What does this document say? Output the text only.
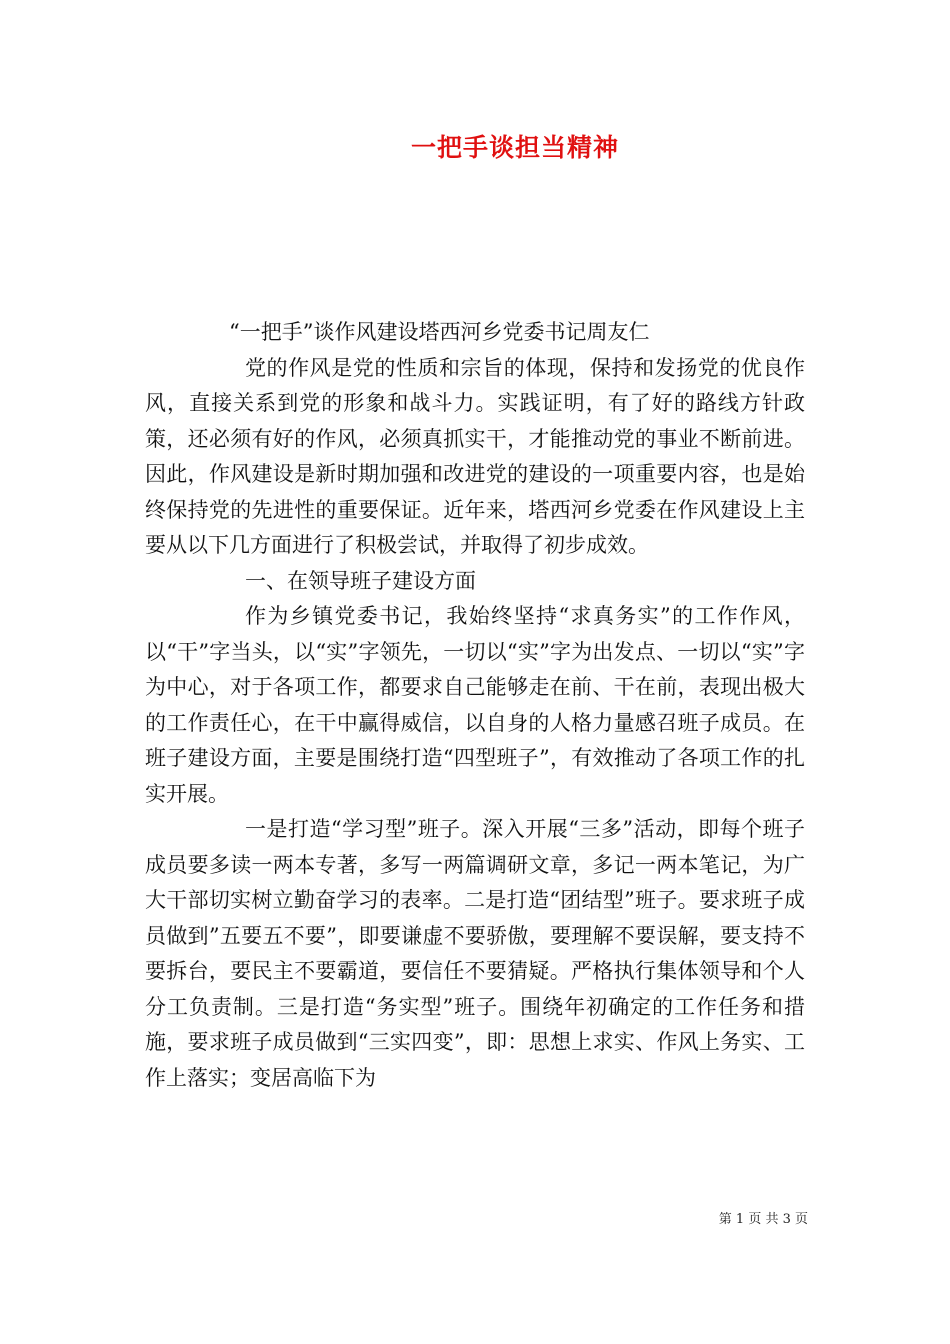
一把手谈担当精神

“一把手”谈作风建设塔西河乡党委书记周友仁

党的作风是党的性质和宗旨的体现，保持和发扬党的优良作风，直接关系到党的形象和战斗力。实践证明，有了好的路线方针政策，还必须有好的作风，必须真抓实干，才能推动党的事业不断前进。因此，作风建设是新时期加强和改进党的建设的一项重要内容，也是始终保持党的先进性的重要保证。近年来，塔西河乡党委在作风建设上主要从以下几方面进行了积极尝试，并取得了初步成效。

一、在领导班子建设方面

作为乡镇党委书记，我始终坚持“求真务实”的工作作风，以“干”字当头，以“实”字领先，一切以“实”字为出发点、一切以“实”字为中心，对于各项工作，都要求自己能够走在前、干在前，表现出极大的工作责任心，在干中赢得威信，以自身的人格力量感召班子成员。在班子建设方面，主要是围绕打造“四型班子”，有效推动了各项工作的扎实开展。

一是打造“学习型”班子。深入开展“三多”活动，即每个班子成员要多读一两本专著，多写一两篇调研文章，多记一两本笔记，为广大干部切实树立勤奋学习的表率。二是打造“团结型”班子。要求班子成员做到”五要五不要”，即要谦虚不要骄傲，要理解不要误解，要支持不要拆台，要民主不要霸道，要信任不要猜疑。严格执行集体领导和个人分工负责制。三是打造“务实型”班子。围绕年初确定的工作任务和措施，要求班子成员做到“三实四变”，即：思想上求实、作风上务实、工作上落实；变居高临下为

第 1 页 共 3 页
